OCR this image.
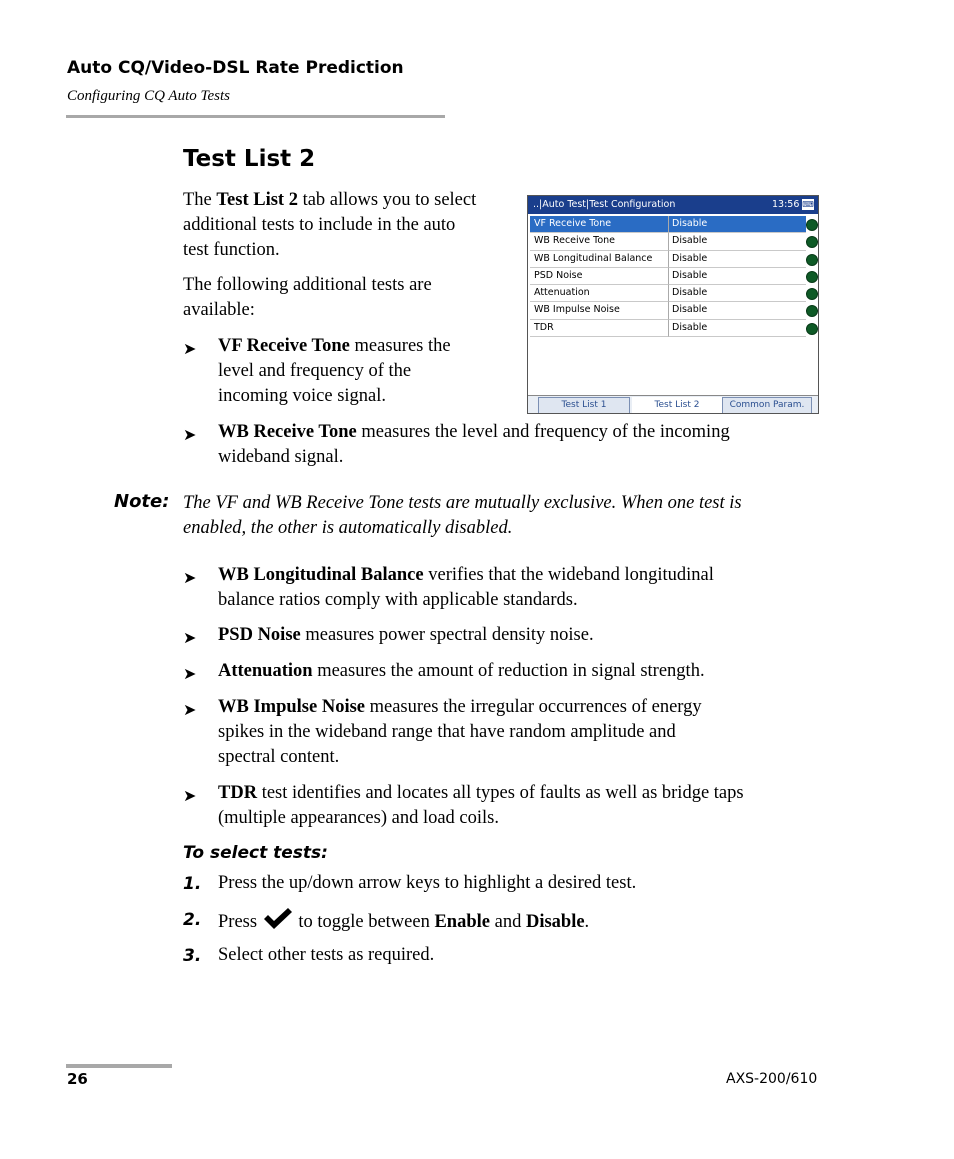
Auto CQ/Video-DSL Rate Prediction
Configuring CQ Auto Tests
Test List 2
The Test List 2 tab allows you to select
additional tests to include in the auto
test function.
The following additional tests are
available:
➤ VF Receive Tone measures the
level and frequency of the
incoming voice signal.
➤ WB Receive Tone measures the level and frequency of the incoming
wideband signal.
Note: The VF and WB Receive Tone tests are mutually exclusive. When one test is
enabled, the other is automatically disabled.
➤ WB Longitudinal Balance verifies that the wideband longitudinal
balance ratios comply with applicable standards.
➤ PSD Noise measures power spectral density noise.
➤ Attenuation measures the amount of reduction in signal strength.
➤ WB Impulse Noise measures the irregular occurrences of energy
spikes in the wideband range that have random amplitude and
spectral content.
➤ TDR test identifies and locates all types of faults as well as bridge taps
(multiple appearances) and load coils.
To select tests:
1. Press the up/down arrow keys to highlight a desired test.
2. Press  to toggle between Enable and Disable.
3. Select other tests as required.
..|Auto Test|Test Configuration	13:56 ⌨
VF Receive Tone	Disable
WB Receive Tone	Disable
WB Longitudinal Balance	Disable
PSD Noise	Disable
Attenuation	Disable
WB Impulse Noise	Disable
TDR	Disable
Test List 1	Test List 2	Common Param.
26	AXS-200/610
